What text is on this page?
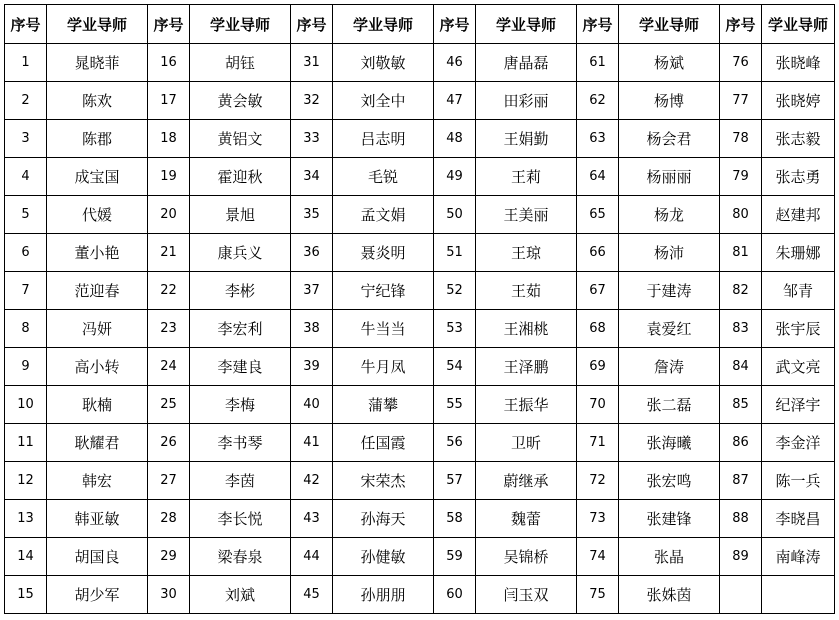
序号	学业导师	序号	学业导师	序号	学业导师	序号	学业导师	序号	学业导师	序号	学业导师
1	晁晓菲	16	胡钰	31	刘敬敏	46	唐晶磊	61	杨斌	76	张晓峰
2	陈欢	17	黄会敏	32	刘全中	47	田彩丽	62	杨博	77	张晓婷
3	陈郡	18	黄铝文	33	吕志明	48	王娟勤	63	杨会君	78	张志毅
4	成宝国	19	霍迎秋	34	毛锐	49	王莉	64	杨丽丽	79	张志勇
5	代媛	20	景旭	35	孟文娟	50	王美丽	65	杨龙	80	赵建邦
6	董小艳	21	康兵义	36	聂炎明	51	王琼	66	杨沛	81	朱珊娜
7	范迎春	22	李彬	37	宁纪锋	52	王茹	67	于建涛	82	邹青
8	冯妍	23	李宏利	38	牛当当	53	王湘桃	68	袁爱红	83	张宇辰
9	高小转	24	李建良	39	牛月凤	54	王泽鹏	69	詹涛	84	武文亮
10	耿楠	25	李梅	40	蒲攀	55	王振华	70	张二磊	85	纪泽宇
11	耿耀君	26	李书琴	41	任国霞	56	卫昕	71	张海曦	86	李金洋
12	韩宏	27	李茵	42	宋荣杰	57	蔚继承	72	张宏鸣	87	陈一兵
13	韩亚敏	28	李长悦	43	孙海天	58	魏蕾	73	张建锋	88	李晓昌
14	胡国良	29	梁春泉	44	孙健敏	59	吴锦桥	74	张晶	89	南峰涛
15	胡少军	30	刘斌	45	孙朋朋	60	闫玉双	75	张姝茵		
